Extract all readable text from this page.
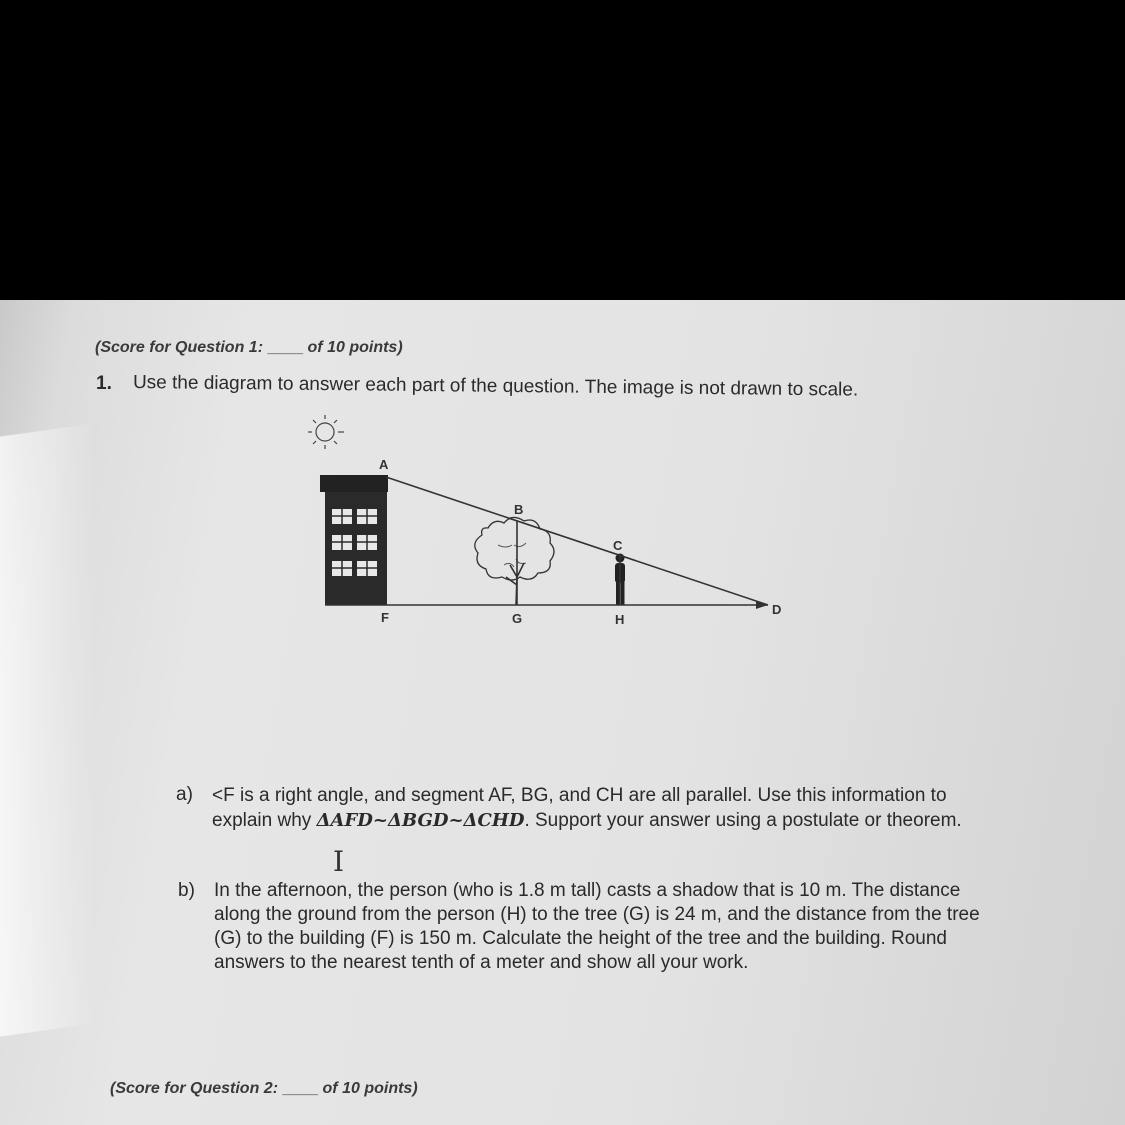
(Score for Question 1: ____ of 10 points)
1. Use the diagram to answer each part of the question. The image is not drawn to scale.
A
B
C
D
F	G	H
a) <F is a right angle, and segment AF, BG, and CH are all parallel. Use this information to
explain why ΔAFD~ΔBGD~ΔCHD. Support your answer using a postulate or theorem.
I
b) In the afternoon, the person (who is 1.8 m tall) casts a shadow that is 10 m. The distance
along the ground from the person (H) to the tree (G) is 24 m, and the distance from the tree
(G) to the building (F) is 150 m. Calculate the height of the tree and the building. Round
answers to the nearest tenth of a meter and show all your work.
(Score for Question 2: ____ of 10 points)
